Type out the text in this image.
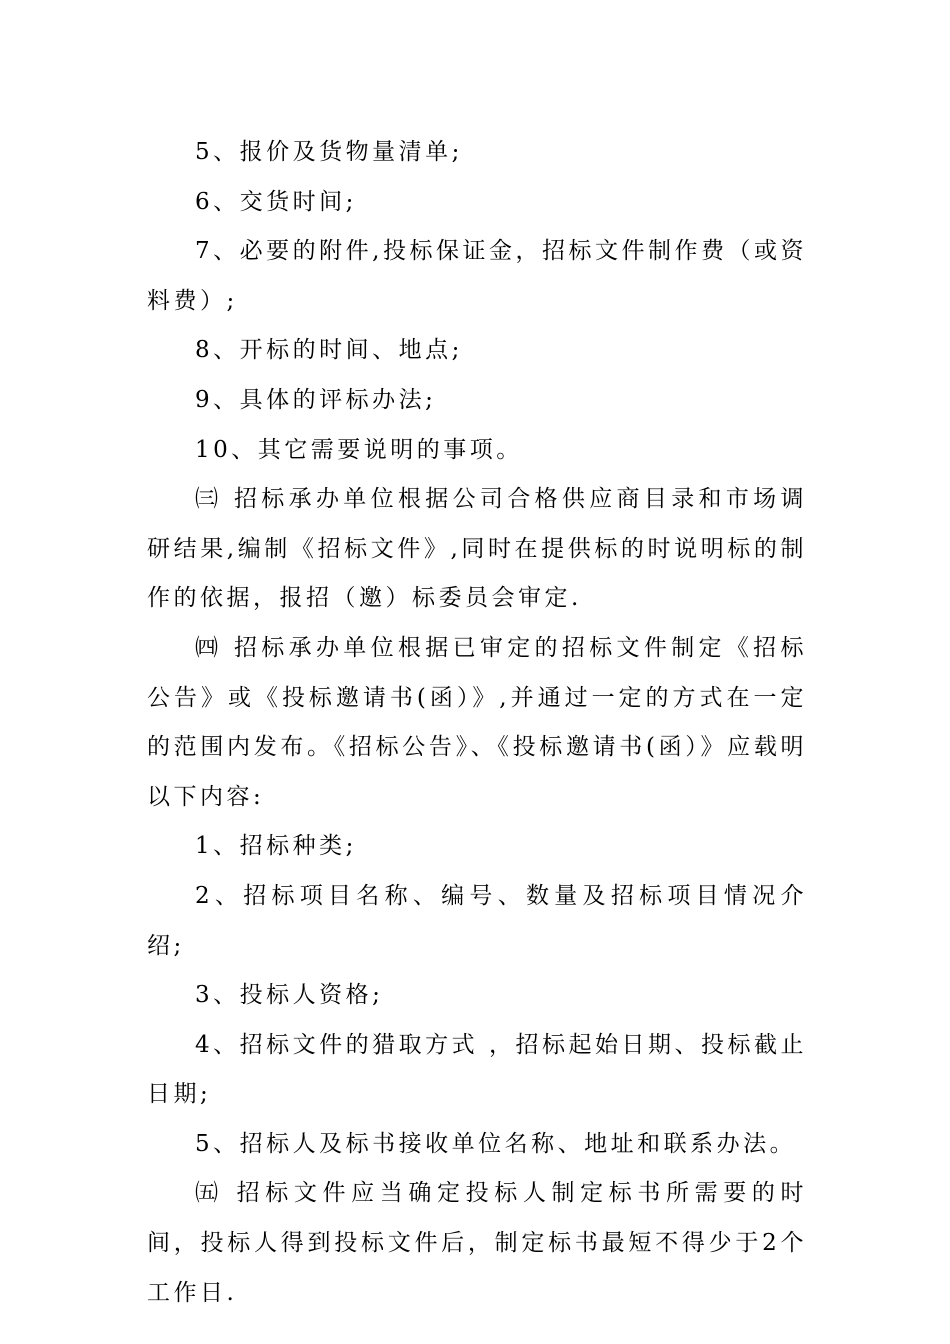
5、报价及货物量清单;

6、交货时间;

7、必要的附件,投标保证金，招标文件制作费（或资料费）;

8、开标的时间、地点;

9、具体的评标办法;

10、其它需要说明的事项。

㈢ 招标承办单位根据公司合格供应商目录和市场调研结果,编制《招标文件》,同时在提供标的时说明标的制作的依据，报招（邀）标委员会审定.

㈣ 招标承办单位根据已审定的招标文件制定《招标公告》或《投标邀请书(函）》,并通过一定的方式在一定的范围内发布。《招标公告》、《投标邀请书(函）》应载明以下内容:

1、招标种类;

2、招标项目名称、编号、数量及招标项目情况介绍;

3、投标人资格;

4、招标文件的猎取方式 ，招标起始日期、投标截止日期;

5、招标人及标书接收单位名称、地址和联系办法。

㈤ 招标文件应当确定投标人制定标书所需要的时间，投标人得到投标文件后，制定标书最短不得少于2个工作日.
